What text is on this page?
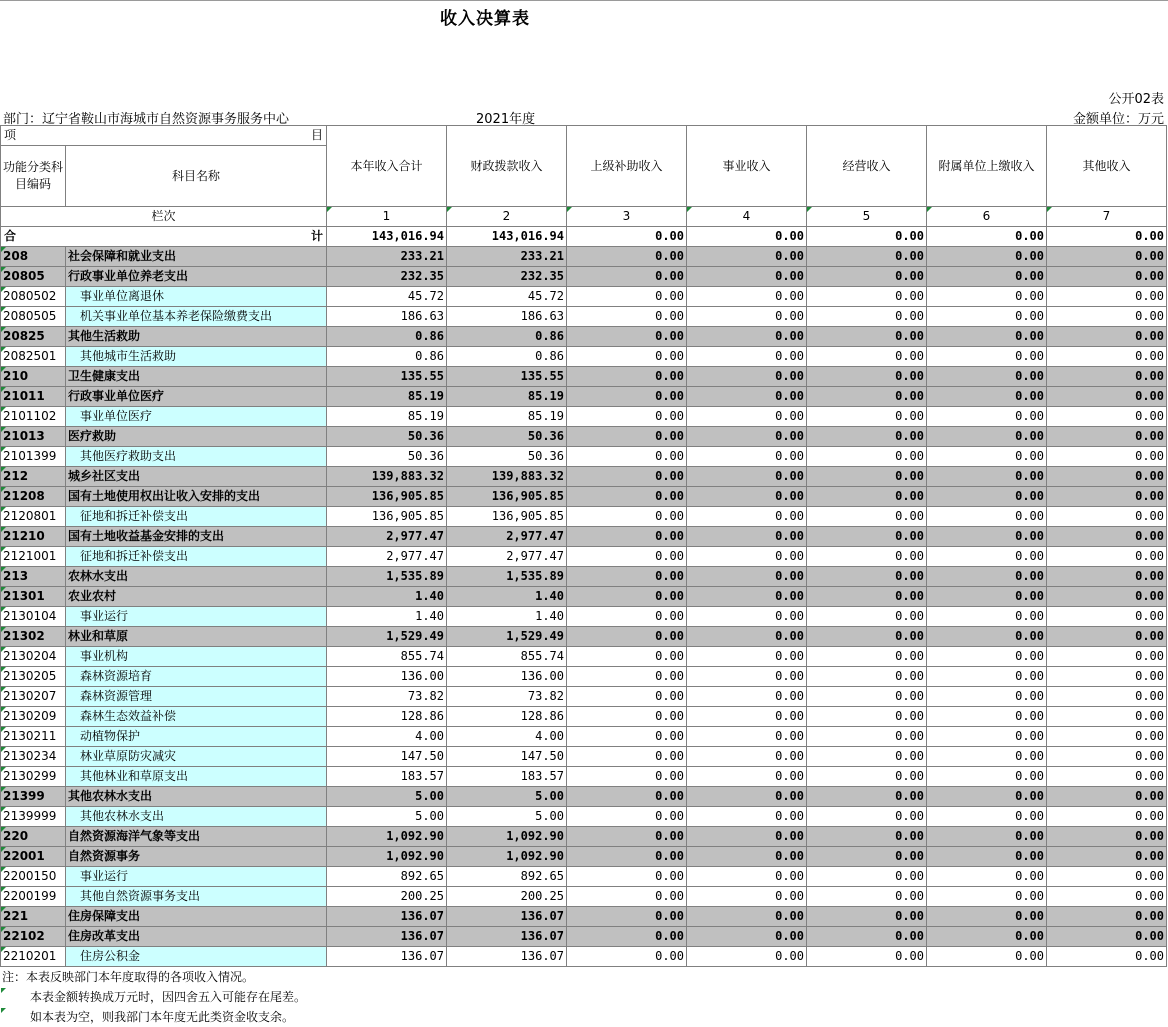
收入决算表
公开02表
部门：辽宁省鞍山市海城市自然资源事务服务中心	2021年度	金额单位：万元
项 目		本年收入合计	财政拨款收入	上级补助收入	事业收入	经营收入	附属单位上缴收入	其他收入
功能分类科目编码	科目名称							
栏次		1	2	3	4	5	6	7

合 计		143,016.94	143,016.94	0.00	0.00	0.00	0.00	0.00
208	社会保障和就业支出	233.21	233.21	0.00	0.00	0.00	0.00	0.00
20805	行政事业单位养老支出	232.35	232.35	0.00	0.00	0.00	0.00	0.00
2080502	事业单位离退休	45.72	45.72	0.00	0.00	0.00	0.00	0.00
2080505	机关事业单位基本养老保险缴费支出	186.63	186.63	0.00	0.00	0.00	0.00	0.00
20825	其他生活救助	0.86	0.86	0.00	0.00	0.00	0.00	0.00
2082501	其他城市生活救助	0.86	0.86	0.00	0.00	0.00	0.00	0.00
210	卫生健康支出	135.55	135.55	0.00	0.00	0.00	0.00	0.00
21011	行政事业单位医疗	85.19	85.19	0.00	0.00	0.00	0.00	0.00
2101102	事业单位医疗	85.19	85.19	0.00	0.00	0.00	0.00	0.00
21013	医疗救助	50.36	50.36	0.00	0.00	0.00	0.00	0.00
2101399	其他医疗救助支出	50.36	50.36	0.00	0.00	0.00	0.00	0.00
212	城乡社区支出	139,883.32	139,883.32	0.00	0.00	0.00	0.00	0.00
21208	国有土地使用权出让收入安排的支出	136,905.85	136,905.85	0.00	0.00	0.00	0.00	0.00
2120801	征地和拆迁补偿支出	136,905.85	136,905.85	0.00	0.00	0.00	0.00	0.00
21210	国有土地收益基金安排的支出	2,977.47	2,977.47	0.00	0.00	0.00	0.00	0.00
2121001	征地和拆迁补偿支出	2,977.47	2,977.47	0.00	0.00	0.00	0.00	0.00
213	农林水支出	1,535.89	1,535.89	0.00	0.00	0.00	0.00	0.00
21301	农业农村	1.40	1.40	0.00	0.00	0.00	0.00	0.00
2130104	事业运行	1.40	1.40	0.00	0.00	0.00	0.00	0.00
21302	林业和草原	1,529.49	1,529.49	0.00	0.00	0.00	0.00	0.00
2130204	事业机构	855.74	855.74	0.00	0.00	0.00	0.00	0.00
2130205	森林资源培育	136.00	136.00	0.00	0.00	0.00	0.00	0.00
2130207	森林资源管理	73.82	73.82	0.00	0.00	0.00	0.00	0.00
2130209	森林生态效益补偿	128.86	128.86	0.00	0.00	0.00	0.00	0.00
2130211	动植物保护	4.00	4.00	0.00	0.00	0.00	0.00	0.00
2130234	林业草原防灾减灾	147.50	147.50	0.00	0.00	0.00	0.00	0.00
2130299	其他林业和草原支出	183.57	183.57	0.00	0.00	0.00	0.00	0.00
21399	其他农林水支出	5.00	5.00	0.00	0.00	0.00	0.00	0.00
2139999	其他农林水支出	5.00	5.00	0.00	0.00	0.00	0.00	0.00
220	自然资源海洋气象等支出	1,092.90	1,092.90	0.00	0.00	0.00	0.00	0.00
22001	自然资源事务	1,092.90	1,092.90	0.00	0.00	0.00	0.00	0.00
2200150	事业运行	892.65	892.65	0.00	0.00	0.00	0.00	0.00
2200199	其他自然资源事务支出	200.25	200.25	0.00	0.00	0.00	0.00	0.00
221	住房保障支出	136.07	136.07	0.00	0.00	0.00	0.00	0.00
22102	住房改革支出	136.07	136.07	0.00	0.00	0.00	0.00	0.00
2210201	住房公积金	136.07	136.07	0.00	0.00	0.00	0.00	0.00
注：本表反映部门本年度取得的各项收入情况。
本表金额转换成万元时，因四舍五入可能存在尾差。
如本表为空，则我部门本年度无此类资金收支余。
